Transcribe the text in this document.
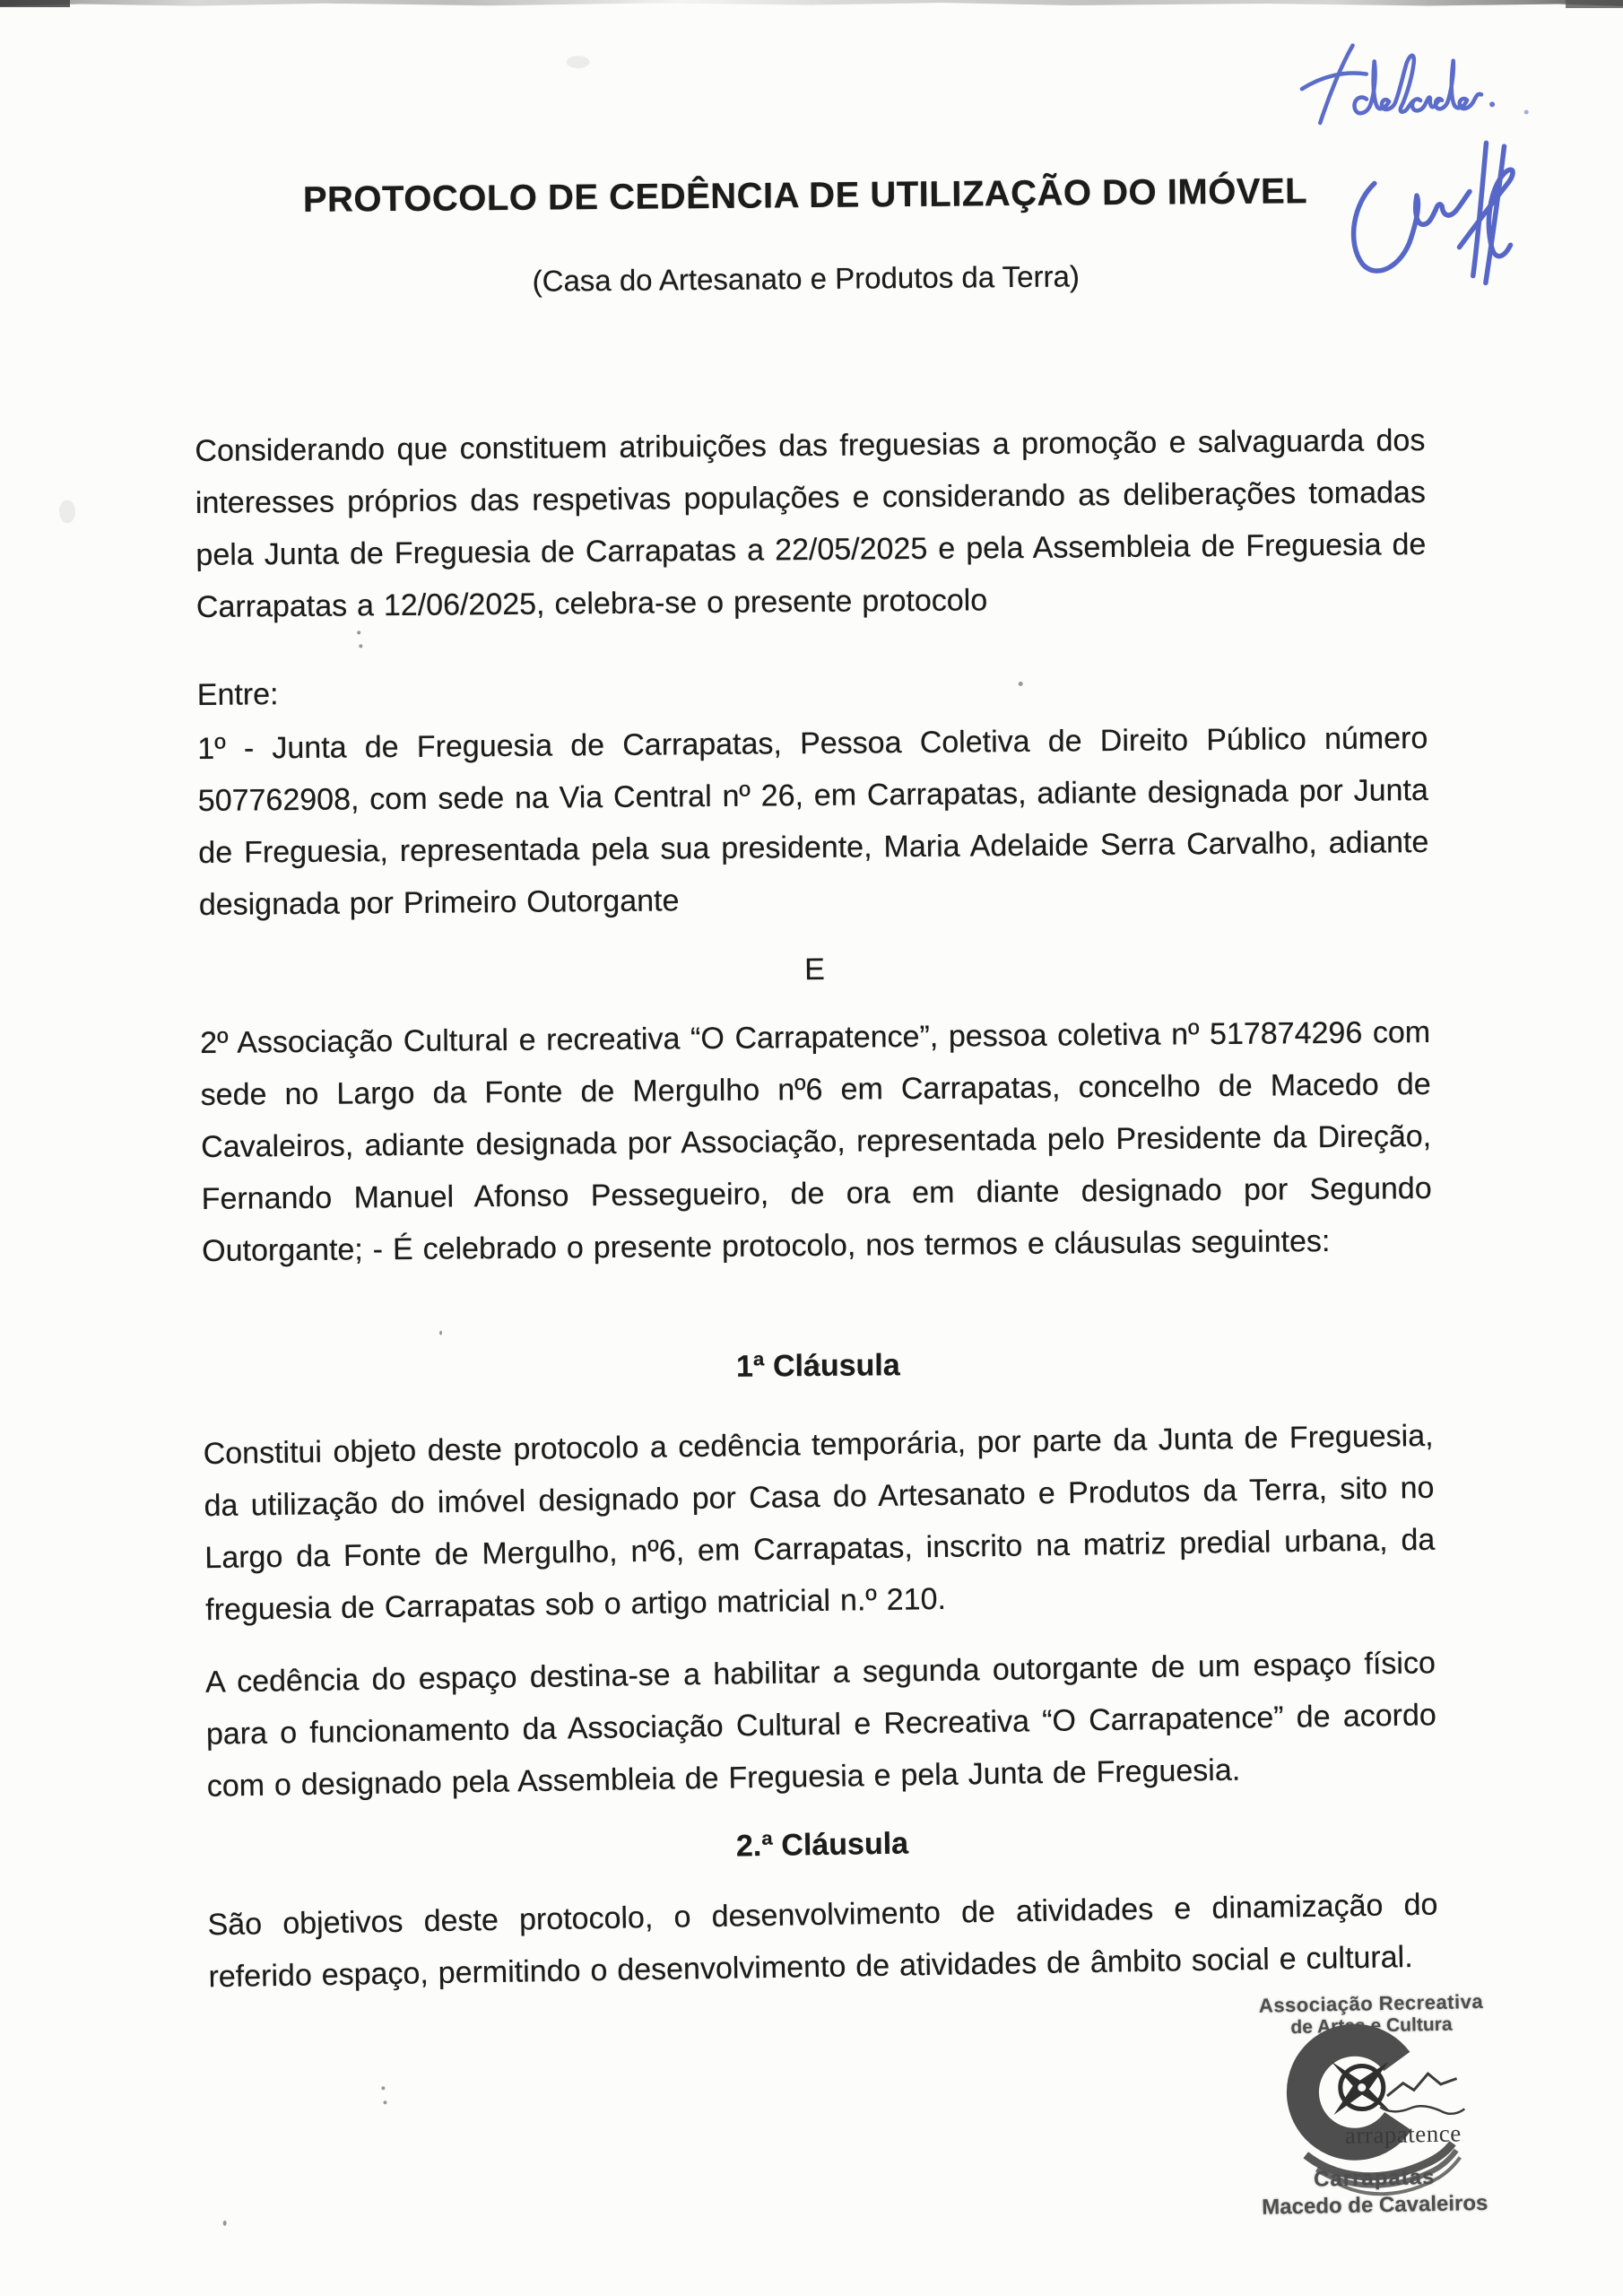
PROTOCOLO DE CEDÊNCIA DE UTILIZAÇÃO DO IMÓVEL
(Casa do Artesanato e Produtos da Terra)

Considerando que constituem atribuições das freguesias a promoção e salvaguarda dos interesses próprios das respetivas populações e considerando as deliberações tomadas pela Junta de Freguesia de Carrapatas a 22/05/2025 e pela Assembleia de Freguesia de Carrapatas a 12/06/2025, celebra-se o presente protocolo

Entre:

1º - Junta de Freguesia de Carrapatas, Pessoa Coletiva de Direito Público número 507762908, com sede na Via Central nº 26, em Carrapatas, adiante designada por Junta de Freguesia, representada pela sua presidente, Maria Adelaide Serra Carvalho, adiante designada por Primeiro Outorgante

E

2º Associação Cultural e recreativa “O Carrapatence”, pessoa coletiva nº 517874296 com sede no Largo da Fonte de Mergulho nº6 em Carrapatas, concelho de Macedo de Cavaleiros, adiante designada por Associação, representada pelo Presidente da Direção, Fernando Manuel Afonso Pessegueiro, de ora em diante designado por Segundo Outorgante; - É celebrado o presente protocolo, nos termos e cláusulas seguintes:

1ª Cláusula

Constitui objeto deste protocolo a cedência temporária, por parte da Junta de Freguesia, da utilização do imóvel designado por Casa do Artesanato e Produtos da Terra, sito no Largo da Fonte de Mergulho, nº6, em Carrapatas, inscrito na matriz predial urbana, da freguesia de Carrapatas sob o artigo matricial n.º 210.

A cedência do espaço destina-se a habilitar a segunda outorgante de um espaço físico para o funcionamento da Associação Cultural e Recreativa “O Carrapatence” de acordo com o designado pela Assembleia de Freguesia e pela Junta de Freguesia.

2.ª Cláusula

São objetivos deste protocolo, o desenvolvimento de atividades e dinamização do referido espaço, permitindo o desenvolvimento de atividades de âmbito social e cultural.

Associação Recreativa
de Artes e Cultura
arrapatence
Carrapatas
Macedo de Cavaleiros
